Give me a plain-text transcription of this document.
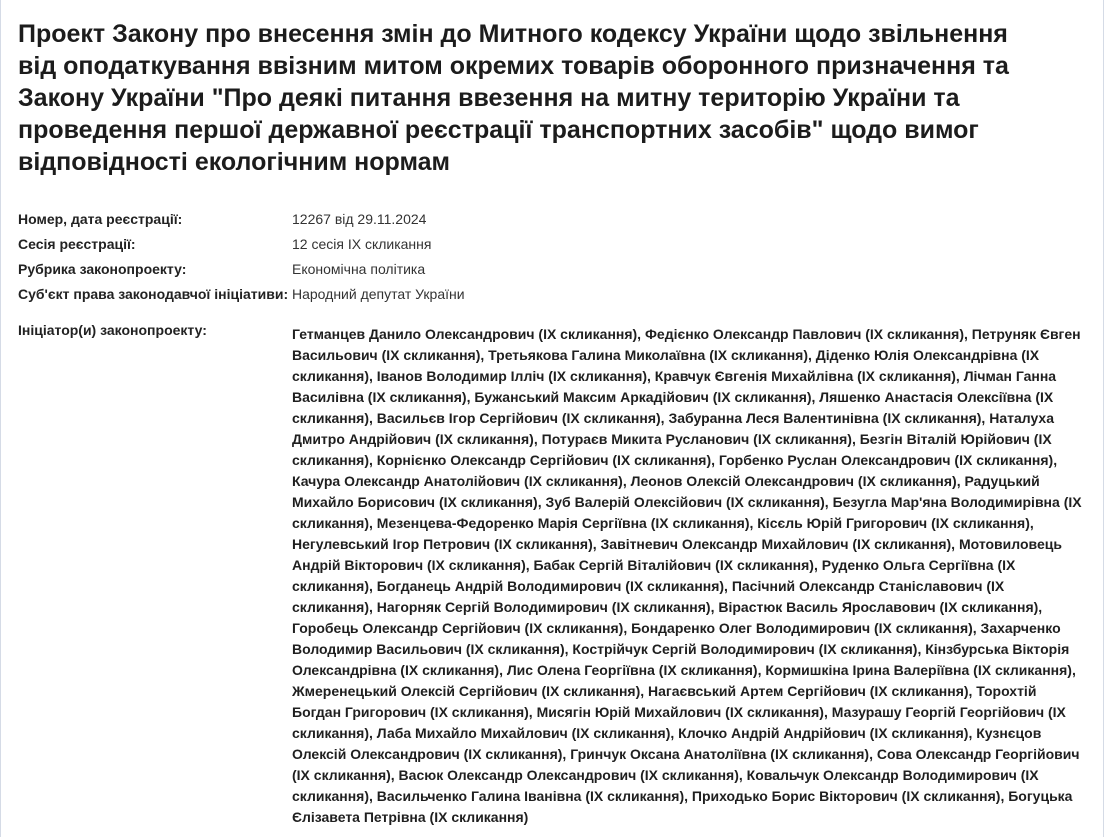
Проект Закону про внесення змін до Митного кодексу України щодо звільнення від оподаткування ввізним митом окремих товарів оборонного призначення та Закону України "Про деякі питання ввезення на митну територію України та проведення першої державної реєстрації транспортних засобів" щодо вимог відповідності екологічним нормам
Номер, дата реєстрації:	12267 від 29.11.2024
Сесія реєстрації:	12 сесія IX скликання
Рубрика законопроекту:	Економічна політика
Суб'єкт права законодавчої ініціативи: Народний депутат України
Ініціатор(и) законопроекту:	Гетманцев Данило Олександрович (IX скликання), Федієнко Олександр Павлович (IX скликання), Петруняк Євген Васильович (IX скликання), Третьякова Галина Миколаївна (IX скликання), Діденко Юлія Олександрівна (IX скликання), Іванов Володимир Ілліч (IX скликання), Кравчук Євгенія Михайлівна (IX скликання), Лічман Ганна Василівна (IX скликання), Бужанський Максим Аркадійович (IX скликання), Ляшенко Анастасія Олексіївна (IX скликання), Васильєв Ігор Сергійович (IX скликання), Забуранна Леся Валентинівна (IX скликання), Наталуха Дмитро Андрійович (IX скликання), Потураєв Микита Русланович (IX скликання), Безгін Віталій Юрійович (IX скликання), Корнієнко Олександр Сергійович (IX скликання), Горбенко Руслан Олександрович (IX скликання), Качура Олександр Анатолійович (IX скликання), Леонов Олексій Олександрович (IX скликання), Радуцький Михайло Борисович (IX скликання), Зуб Валерій Олексійович (IX скликання), Безугла Мар'яна Володимирівна (IX скликання), Мезенцева-Федоренко Марія Сергіївна (IX скликання), Кісєль Юрій Григорович (IX скликання), Негулевський Ігор Петрович (IX скликання), Завітневич Олександр Михайлович (IX скликання), Мотовиловець Андрій Вікторович (IX скликання), Бабак Сергій Віталійович (IX скликання), Руденко Ольга Сергіївна (IX скликання), Богданець Андрій Володимирович (IX скликання), Пасічний Олександр Станіславович (IX скликання), Нагорняк Сергій Володимирович (IX скликання), Вірастюк Василь Ярославович (IX скликання), Горобець Олександр Сергійович (IX скликання), Бондаренко Олег Володимирович (IX скликання), Захарченко Володимир Васильович (IX скликання), Кострійчук Сергій Володимирович (IX скликання), Кінзбурська Вікторія Олександрівна (IX скликання), Лис Олена Георгіївна (IX скликання), Кормишкіна Ірина Валеріївна (IX скликання), Жмеренецький Олексій Сергійович (IX скликання), Нагаєвський Артем Сергійович (IX скликання), Торохтій Богдан Григорович (IX скликання), Мисягін Юрій Михайлович (IX скликання), Мазурашу Георгій Георгійович (IX скликання), Лаба Михайло Михайлович (IX скликання), Клочко Андрій Андрійович (IX скликання), Кузнєцов Олексій Олександрович (IX скликання), Гринчук Оксана Анатоліївна (IX скликання), Сова Олександр Георгійович (IX скликання), Васюк Олександр Олександрович (IX скликання), Ковальчук Олександр Володимирович (IX скликання), Васильченко Галина Іванівна (IX скликання), Приходько Борис Вікторович (IX скликання), Богуцька Єлізавета Петрівна (IX скликання)
